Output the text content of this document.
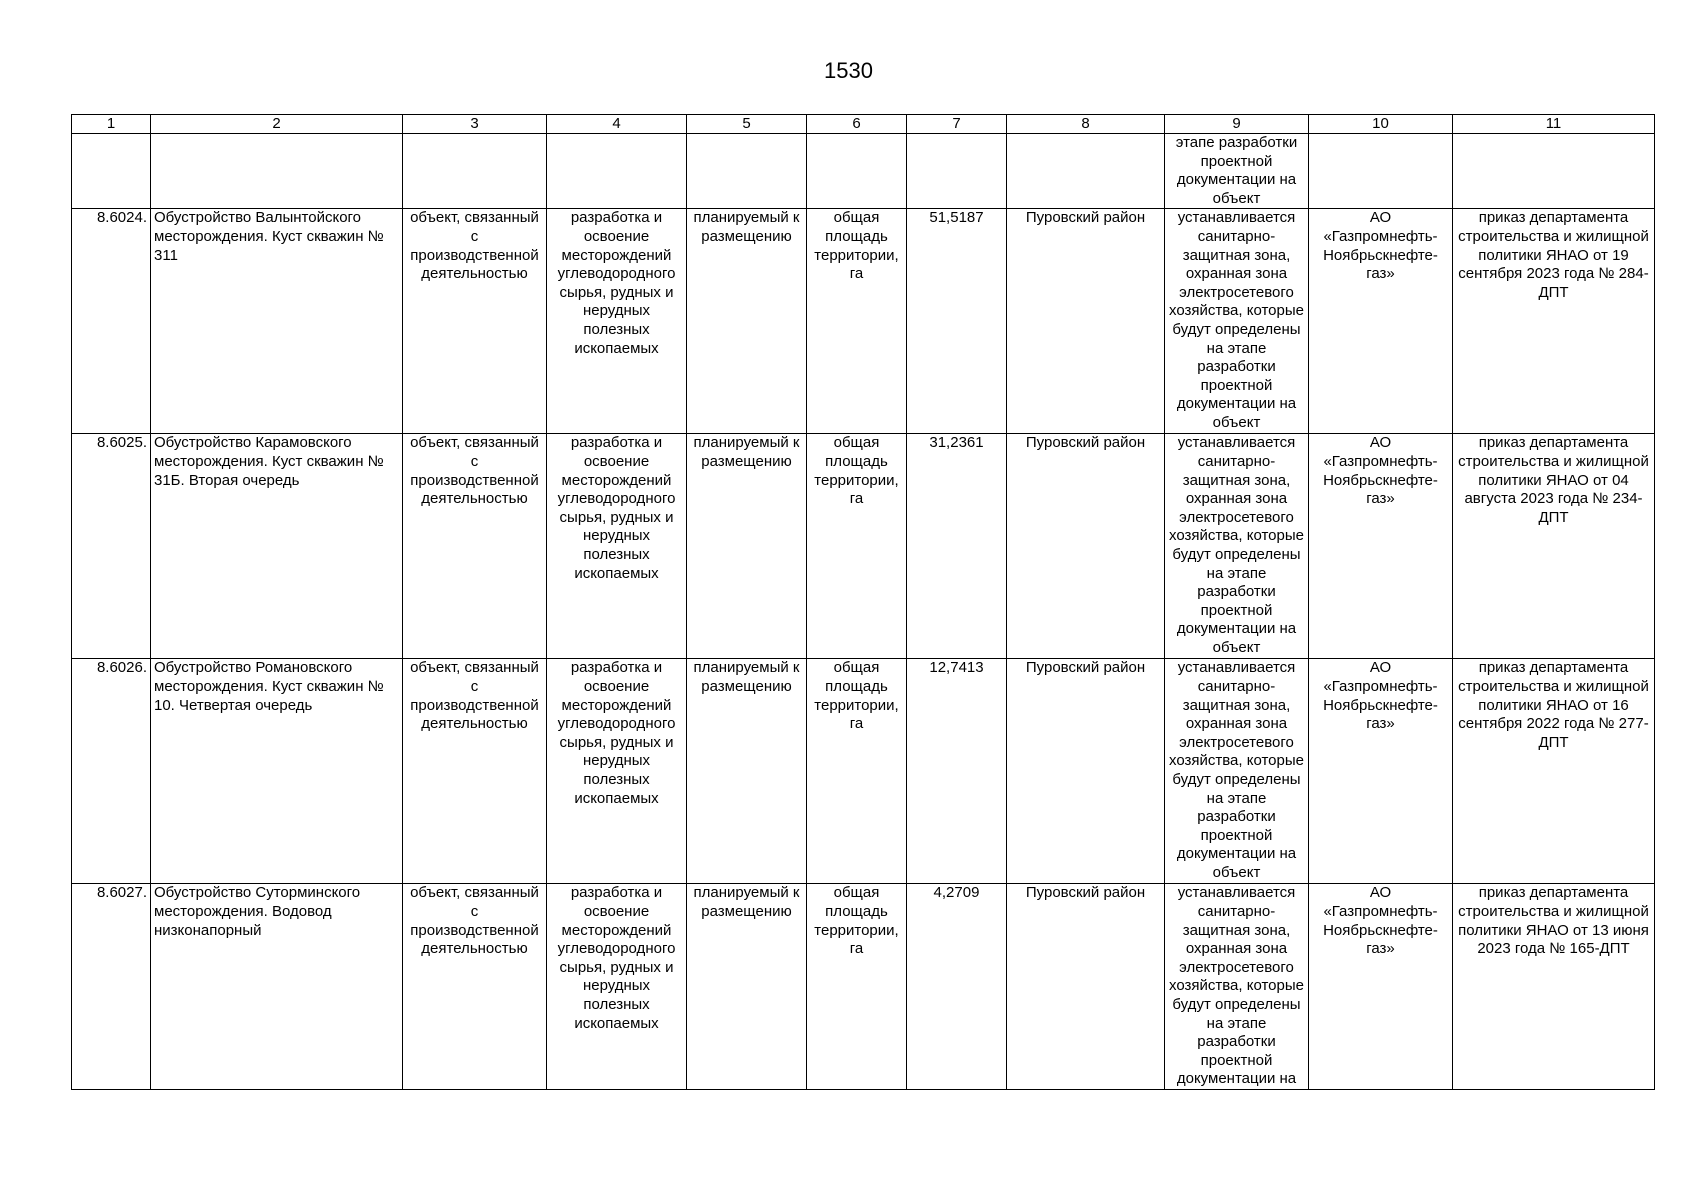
1530
1	2	3	4	5	6	7	8	9	10	11
								этапе разработки проектной документации на объект		
8.6024.	Обустройство Валынтойского месторождения. Куст скважин № 311	объект, связанный с производственной деятельностью	разработка и освоение месторождений углеводородного сырья, рудных и нерудных полезных ископаемых	планируемый к размещению	общая площадь территории, га	51,5187	Пуровский район	устанавливается санитарно-защитная зона, охранная зона электросетевого хозяйства, которые будут определены на этапе разработки проектной документации на объект	АО «Газпромнефть-Ноябрьскнефте-газ»	приказ департамента строительства и жилищной политики ЯНАО от 19 сентября 2023 года № 284-ДПТ
8.6025.	Обустройство Карамовского месторождения. Куст скважин № 31Б. Вторая очередь	объект, связанный с производственной деятельностью	разработка и освоение месторождений углеводородного сырья, рудных и нерудных полезных ископаемых	планируемый к размещению	общая площадь территории, га	31,2361	Пуровский район	устанавливается санитарно-защитная зона, охранная зона электросетевого хозяйства, которые будут определены на этапе разработки проектной документации на объект	АО «Газпромнефть-Ноябрьскнефте-газ»	приказ департамента строительства и жилищной политики ЯНАО от 04 августа 2023 года № 234-ДПТ
8.6026.	Обустройство Романовского месторождения. Куст скважин № 10. Четвертая очередь	объект, связанный с производственной деятельностью	разработка и освоение месторождений углеводородного сырья, рудных и нерудных полезных ископаемых	планируемый к размещению	общая площадь территории, га	12,7413	Пуровский район	устанавливается санитарно-защитная зона, охранная зона электросетевого хозяйства, которые будут определены на этапе разработки проектной документации на объект	АО «Газпромнефть-Ноябрьскнефте-газ»	приказ департамента строительства и жилищной политики ЯНАО от 16 сентября 2022 года № 277-ДПТ
8.6027.	Обустройство Суторминского месторождения. Водовод низконапорный	объект, связанный с производственной деятельностью	разработка и освоение месторождений углеводородного сырья, рудных и нерудных полезных ископаемых	планируемый к размещению	общая площадь территории, га	4,2709	Пуровский район	устанавливается санитарно-защитная зона, охранная зона электросетевого хозяйства, которые будут определены на этапе разработки проектной документации на	АО «Газпромнефть-Ноябрьскнефте-газ»	приказ департамента строительства и жилищной политики ЯНАО от 13 июня 2023 года № 165-ДПТ
